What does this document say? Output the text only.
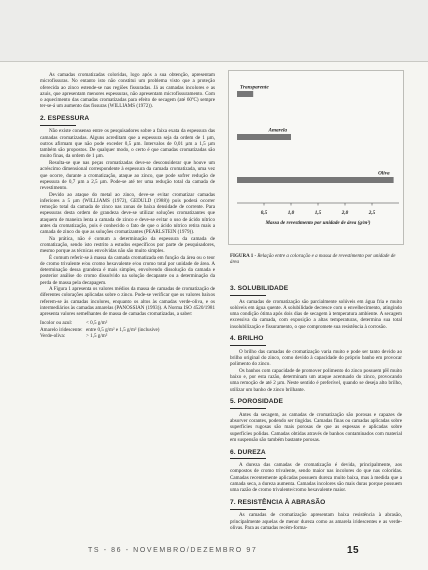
As camadas cromatizadas coloridas, logo após a sua obtenção, apresentam microfissuras. No entanto isto não constitui um problema visto que a proteção oferecida ao zinco estende-se nas regiões fissuradas. Já as camadas incolores e as azuis, que apresentam menores espessuras, não apresentam microfissuramento. Com o aquecimento das camadas cromatizadas para efeito de secagem (até 60ºC) sempre ter-se-á um aumento das fissuras (WILLIAMS (1972)).

2. ESPESSURA

Não existe consenso entre os pesquisadores sobre a faixa exata da espessura das camadas cromatizadas. Alguns acreditam que a espessura seja da ordem de 1 µm, outros afirmam que não pode exceder 0,5 µm. Intervalos de 0,01 µm a 1,5 µm também são propostos. De qualquer modo, o certo é que camadas cromatizadas são muito finas, da ordem de 1 µm.

Resulta-se que nas peças cromatizadas deve-se desconsiderar que houve um acréscimo dimensional correspondente à espessura da camada cromatizada, uma vez que ocorre, durante a cromatização, ataque ao zinco, que pode sofrer redução de espessura de 0,7 µm a 2,5 µm. Pode-se até ter uma redução total da camada de revestimento.

Devido ao ataque do metal ao zinco, deve-se evitar cromatizar camadas inferiores a 5 µm (WILLIAMS (1972), GEDULD (1988)) pois poderá ocorrer remoção total da camada de zinco nas zonas de baixa densidade de corrente. Para espessuras desta ordem de grandeza deve-se utilizar soluções cromatizantes que ataquem de maneira lenta a camada de zinco e deve-se evitar o uso de ácido nítrico antes da cromatização, pois é conhecido o fato de que o ácido nítrico retira mais a camada de zinco do que as soluções cromatizantes (PEARLSTEIN (1979)).

Na prática, não é comum a determinação da espessura da camada de cromatização, sendo isto restrito a estudos específicos por parte de pesquisadores, mesmo porque as técnicas envolvidas não são muito simples.

É comum referir-se à massa da camada cromatizada em função da área ou o teor de cromo trivalente e/ou cromo hexavalente e/ou cromo total por unidade de área. A determinação dessa grandeza é mais simples, envolvendo dissolução da camada e posterior análise do cromo dissolvido na solução decapante ou a determinação da perda de massa pela decapagem.

A Figura 1 apresenta os valores médios da massa de camadas de cromatização de diferentes colorações aplicadas sobre o zinco. Pode-se verificar que os valores baixos referem-se às camadas incolores, enquanto os altos às camadas verde-oliva, e os intermediários às camadas amarelas (PANOSSIAN (1993)). A Norma ISO 4520/1981 apresenta valores semelhantes de massa de camadas cromatizadas, a saber:

Incolor ou azul:	< 0,5 g/m²
Amarelo iridescente: entre 0,5 g/m² e 1,5 g/m² (inclusive)
Verde-oliva:	> 1,5 g/m²
Transparente
Amarela
Oliva
0,5	1,0	1,5	2,0	2,5
Massa de revestimento por unidade de área (g/m²)
FIGURA 1 - Relação entre a coloração e a massa de revestimento por unidade de área
3. SOLUBILIDADE

As camadas de cromatização são parcialmente solúveis em água fria e muito solúveis em água quente. A solubilidade decresce com o envelhecimento, atingindo uma condição ótima após dois dias de secagem à temperatura ambiente. A secagem excessiva da camada, com exposição a altas temperaturas, determina sua total insolubilização e fissuramento, o que compromete sua resistência à corrosão.

4. BRILHO

O brilho das camadas de cromatização varia muito e pode ser tanto devido ao brilho original do zinco, como devido à capacidade do próprio banho em provocar polimento do zinco.

Os banhos com capacidade de promover polimento do zinco possuem pH muito baixo e, por esta razão, determinam um ataque acentuado do zinco, provocando uma remoção de até 2 µm. Neste sentido é preferível, quando se deseja alto brilho, utilizar um banho de zinco brilhante.

5. POROSIDADE

Antes da secagem, as camadas de cromatização são porosas e capazes de absorver corantes, podendo ser tingidas. Camadas finas ou camadas aplicadas sobre superfícies rugosas são mais porosas de que as espessas e aplicadas sobre superfícies polidas. Camadas obtidas através de banhos contaminados com material em suspensão são também bastante porosas.

6. DUREZA

A dureza das camadas de cromatização é devida, principalmente, aos compostos de cromo trivalente, sendo maior nas incolores do que nas coloridas. Camadas recentemente aplicadas possuem dureza muito baixa, mas à medida que a camada seca, a dureza aumenta. Camadas incolores são mais duras porque possuem uma razão de cromo trivalente/cromo hexavalente maior.

7. RESISTÊNCIA À ABRASÃO

As camadas de cromatização apresentam baixa resistência à abrasão, principalmente aquelas de menor dureza como as amarela iridescentes e as verde-olivas. Para as camadas recém-forma-

TS - 86 - NOVEMBRO/DEZEMBRO 97	15
